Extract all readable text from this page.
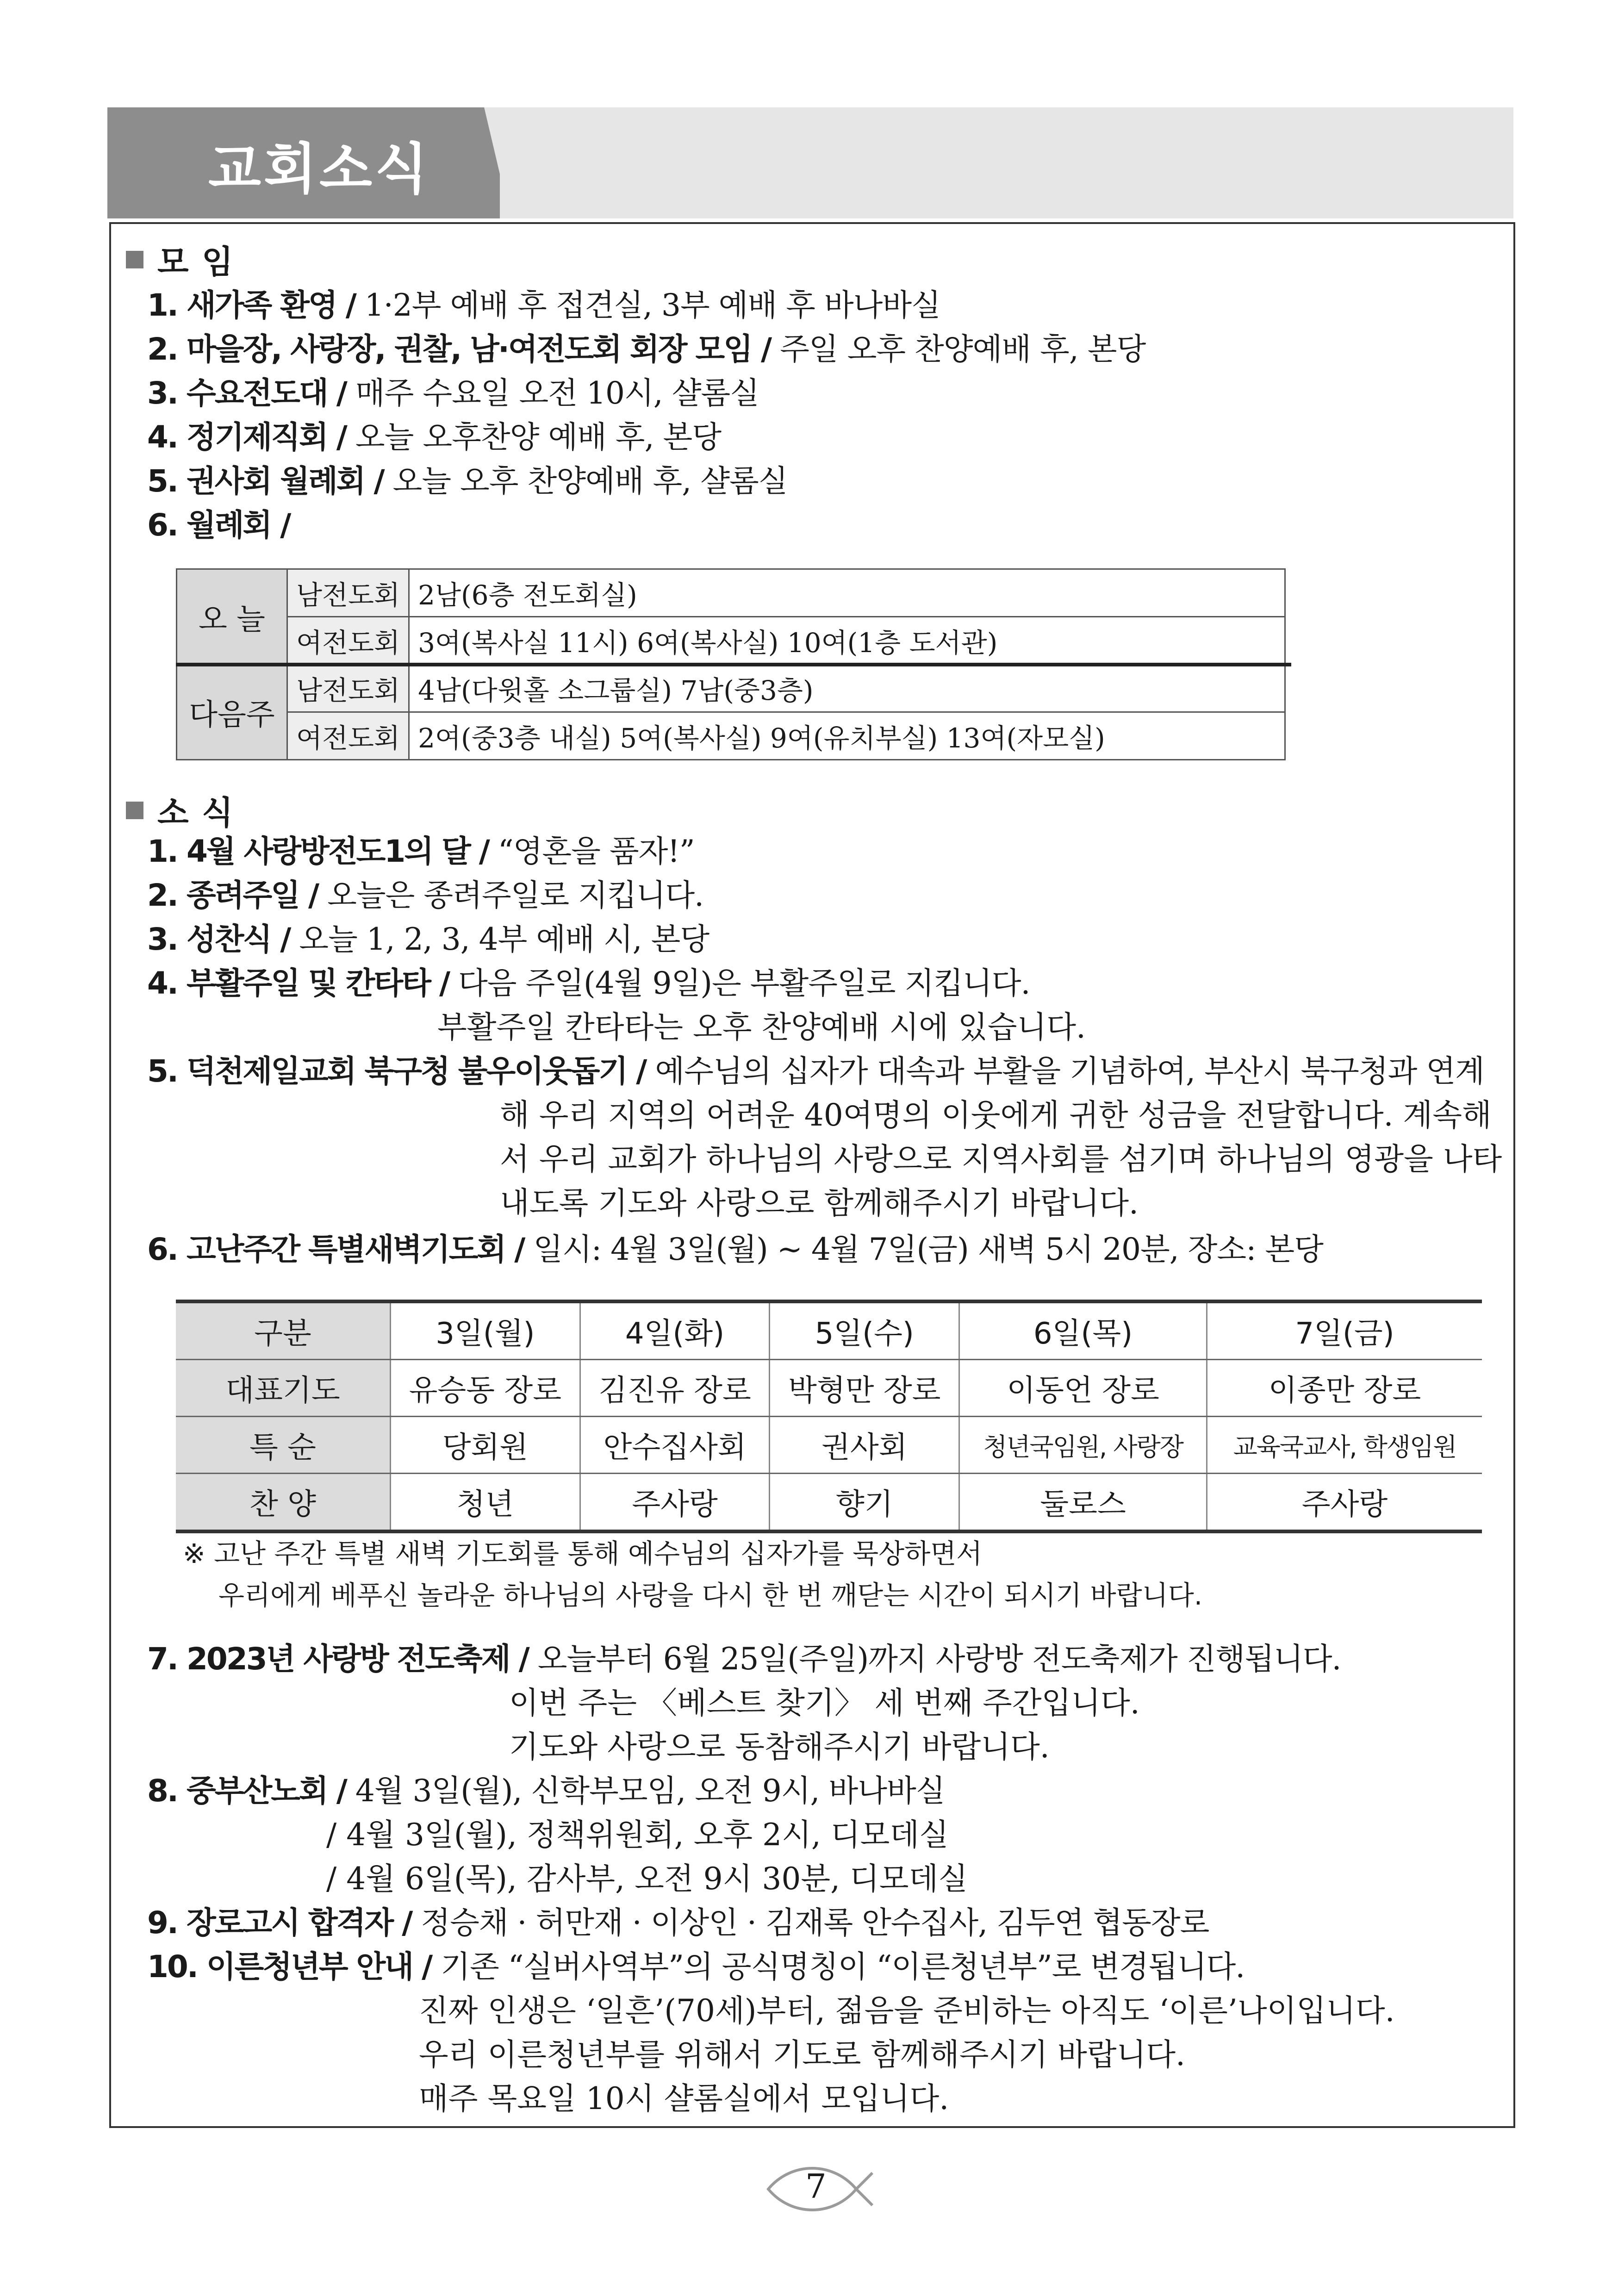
교회소식
모 임
1. 새가족 환영 / 1·2부 예배 후 접견실, 3부 예배 후 바나바실
2. 마을장, 사랑장, 권찰, 남·여전도회 회장 모임 / 주일 오후 찬양예배 후, 본당
3. 수요전도대 / 매주 수요일 오전 10시, 샬롬실
4. 정기제직회 / 오늘 오후찬양 예배 후, 본당
5. 권사회 월례회 / 오늘 오후 찬양예배 후, 샬롬실
6. 월례회 /
오 늘	남전도회	2남(6층 전도회실)
	여전도회	3여(복사실 11시) 6여(복사실) 10여(1층 도서관)
다음주	남전도회	4남(다윗홀 소그룹실) 7남(중3층)
	여전도회	2여(중3층 내실) 5여(복사실) 9여(유치부실) 13여(자모실)
소 식
1. 4월 사랑방전도1의 달 / “영혼을 품자!”
2. 종려주일 / 오늘은 종려주일로 지킵니다.
3. 성찬식 / 오늘 1, 2, 3, 4부 예배 시, 본당
4. 부활주일 및 칸타타 / 다음 주일(4월 9일)은 부활주일로 지킵니다.
부활주일 칸타타는 오후 찬양예배 시에 있습니다.
5. 덕천제일교회 북구청 불우이웃돕기 / 예수님의 십자가 대속과 부활을 기념하여, 부산시 북구청과 연계
해 우리 지역의 어려운 40여명의 이웃에게 귀한 성금을 전달합니다. 계속해
서 우리 교회가 하나님의 사랑으로 지역사회를 섬기며 하나님의 영광을 나타
내도록 기도와 사랑으로 함께해주시기 바랍니다.
6. 고난주간 특별새벽기도회 / 일시: 4월 3일(월) ~ 4월 7일(금) 새벽 5시 20분, 장소: 본당
구분	3일(월)	4일(화)	5일(수)	6일(목)	7일(금)
대표기도	유승동 장로	김진유 장로	박형만 장로	이동언 장로	이종만 장로
특 순	당회원	안수집사회	권사회	청년국임원, 사랑장	교육국교사, 학생임원
찬 양	청년	주사랑	향기	둘로스	주사랑
※ 고난 주간 특별 새벽 기도회를 통해 예수님의 십자가를 묵상하면서
우리에게 베푸신 놀라운 하나님의 사랑을 다시 한 번 깨닫는 시간이 되시기 바랍니다.
7. 2023년 사랑방 전도축제 / 오늘부터 6월 25일(주일)까지 사랑방 전도축제가 진행됩니다.
이번 주는 〈베스트 찾기〉 세 번째 주간입니다.
기도와 사랑으로 동참해주시기 바랍니다.
8. 중부산노회 / 4월 3일(월), 신학부모임, 오전 9시, 바나바실
/ 4월 3일(월), 정책위원회, 오후 2시, 디모데실
/ 4월 6일(목), 감사부, 오전 9시 30분, 디모데실
9. 장로고시 합격자 / 정승채 · 허만재 · 이상인 · 김재록 안수집사, 김두연 협동장로
10. 이른청년부 안내 / 기존 “실버사역부”의 공식명칭이 “이른청년부”로 변경됩니다.
진짜 인생은 ‘일흔’(70세)부터, 젊음을 준비하는 아직도 ‘이른’나이입니다.
우리 이른청년부를 위해서 기도로 함께해주시기 바랍니다.
매주 목요일 10시 샬롬실에서 모입니다.
7
